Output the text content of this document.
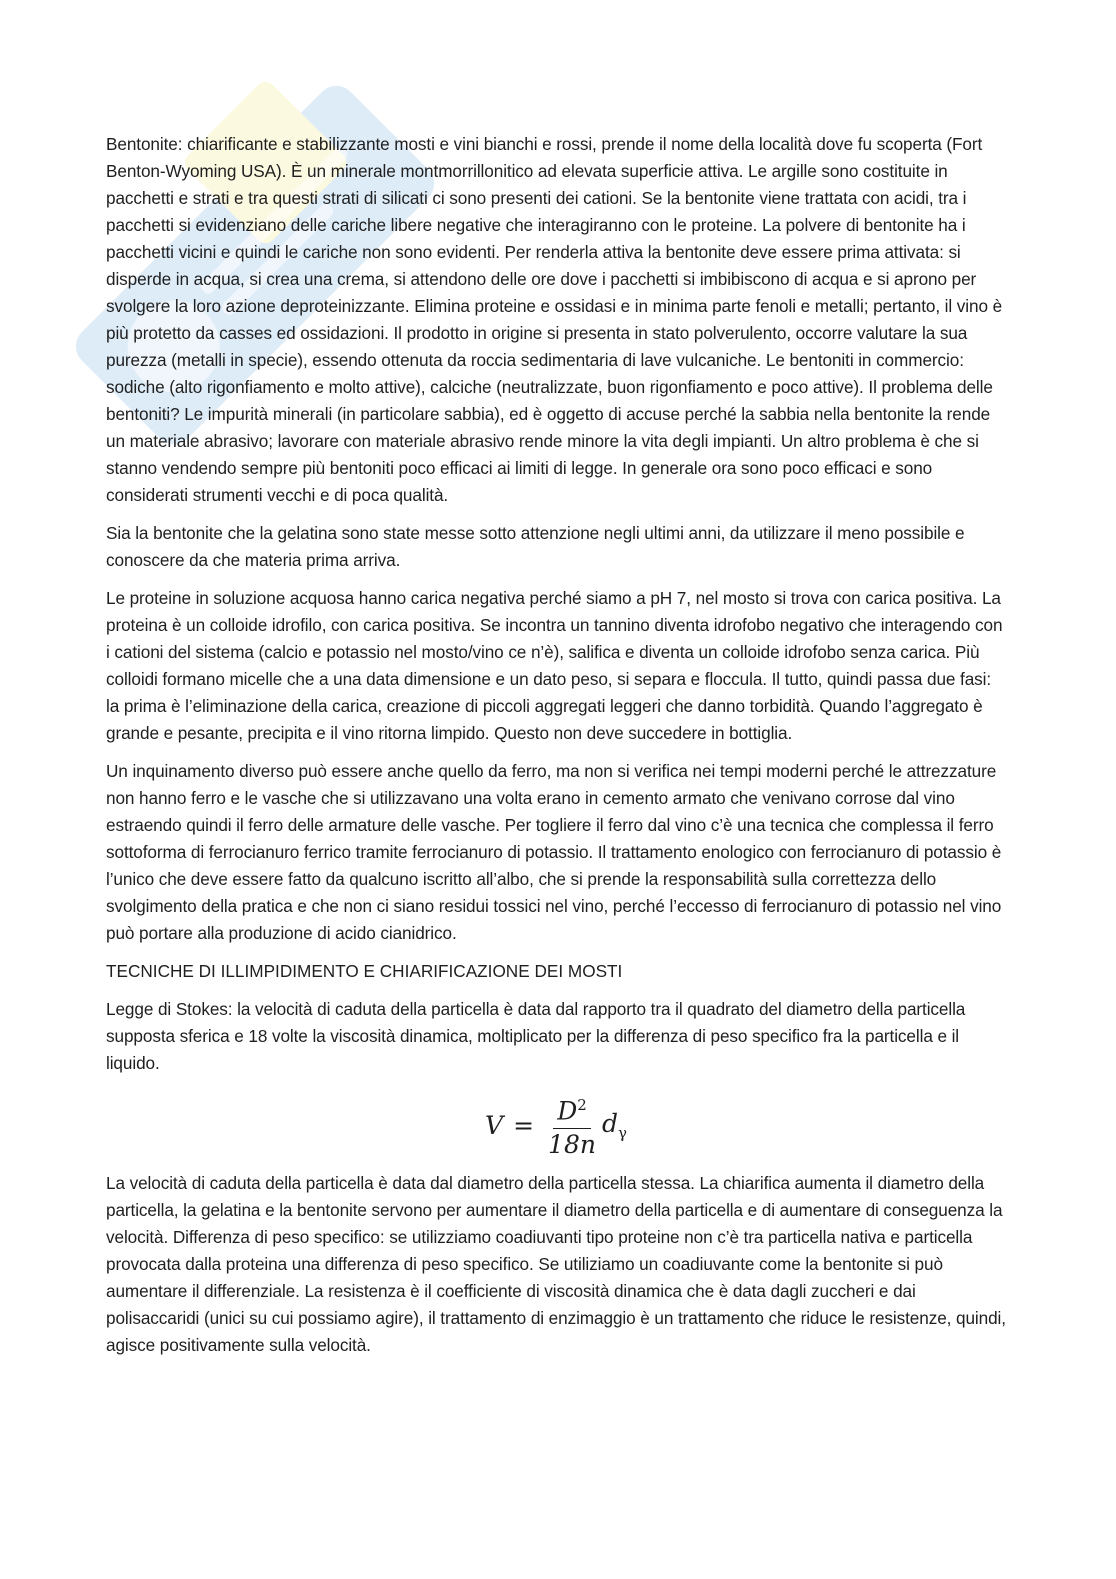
Bentonite: chiarificante e stabilizzante mosti e vini bianchi e rossi, prende il nome della località dove fu scoperta (Fort Benton-Wyoming USA). È un minerale montmorrillonitico ad elevata superficie attiva. Le argille sono costituite in pacchetti e strati e tra questi strati di silicati ci sono presenti dei cationi. Se la bentonite viene trattata con acidi, tra i pacchetti si evidenziano delle cariche libere negative che interagiranno con le proteine. La polvere di bentonite ha i pacchetti vicini e quindi le cariche non sono evidenti. Per renderla attiva la bentonite deve essere prima attivata: si disperde in acqua, si crea una crema, si attendono delle ore dove i pacchetti si imbibiscono di acqua e si aprono per svolgere la loro azione deproteinizzante. Elimina proteine e ossidasi e in minima parte fenoli e metalli; pertanto, il vino è più protetto da casses ed ossidazioni. Il prodotto in origine si presenta in stato polverulento, occorre valutare la sua purezza (metalli in specie), essendo ottenuta da roccia sedimentaria di lave vulcaniche. Le bentoniti in commercio: sodiche (alto rigonfiamento e molto attive), calciche (neutralizzate, buon rigonfiamento e poco attive). Il problema delle bentoniti? Le impurità minerali (in particolare sabbia), ed è oggetto di accuse perché la sabbia nella bentonite la rende un materiale abrasivo; lavorare con materiale abrasivo rende minore la vita degli impianti. Un altro problema è che si stanno vendendo sempre più bentoniti poco efficaci ai limiti di legge. In generale ora sono poco efficaci e sono considerati strumenti vecchi e di poca qualità.

Sia la bentonite che la gelatina sono state messe sotto attenzione negli ultimi anni, da utilizzare il meno possibile e conoscere da che materia prima arriva.

Le proteine in soluzione acquosa hanno carica negativa perché siamo a pH 7, nel mosto si trova con carica positiva. La proteina è un colloide idrofilo, con carica positiva. Se incontra un tannino diventa idrofobo negativo che interagendo con i cationi del sistema (calcio e potassio nel mosto/vino ce n’è), salifica e diventa un colloide idrofobo senza carica. Più colloidi formano micelle che a una data dimensione e un dato peso, si separa e flocculа. Il tutto, quindi passa due fasi: la prima è l’eliminazione della carica, creazione di piccoli aggregati leggeri che danno torbidità. Quando l’aggregato è grande e pesante, precipita e il vino ritorna limpido. Questo non deve succedere in bottiglia.

Un inquinamento diverso può essere anche quello da ferro, ma non si verifica nei tempi moderni perché le attrezzature non hanno ferro e le vasche che si utilizzavano una volta erano in cemento armato che venivano corrose dal vino estraendo quindi il ferro delle armature delle vasche. Per togliere il ferro dal vino c’è una tecnica che complessa il ferro sottoforma di ferrocianuro ferrico tramite ferrocianuro di potassio. Il trattamento enologico con ferrocianuro di potassio è l’unico che deve essere fatto da qualcuno iscritto all’albo, che si prende la responsabilità sulla correttezza dello svolgimento della pratica e che non ci siano residui tossici nel vino, perché l’eccesso di ferrocianuro di potassio nel vino può portare alla produzione di acido cianidrico.

TECNICHE DI ILLIMPIDIMENTO E CHIARIFICAZIONE DEI MOSTI

Legge di Stokes: la velocità di caduta della particella è data dal rapporto tra il quadrato del diametro della particella supposta sferica e 18 volte la viscosità dinamica, moltiplicato per la differenza di peso specifico fra la particella e il liquido.

$V = \frac{D^2}{18n} d_\gamma$

La velocità di caduta della particella è data dal diametro della particella stessa. La chiarifica aumenta il diametro della particella, la gelatina e la bentonite servono per aumentare il diametro della particella e di aumentare di conseguenza la velocità. Differenza di peso specifico: se utilizziamo coadiuvanti tipo proteine non c’è tra particella nativa e particella provocata dalla proteina una differenza di peso specifico. Se utiliziamo un coadiuvante come la bentonite si può aumentare il differenziale. La resistenza è il coefficiente di viscosità dinamica che è data dagli zuccheri e dai polisaccaridi (unici su cui possiamo agire), il trattamento di enzimaggio è un trattamento che riduce le resistenze, quindi, agisce positivamente sulla velocità.
